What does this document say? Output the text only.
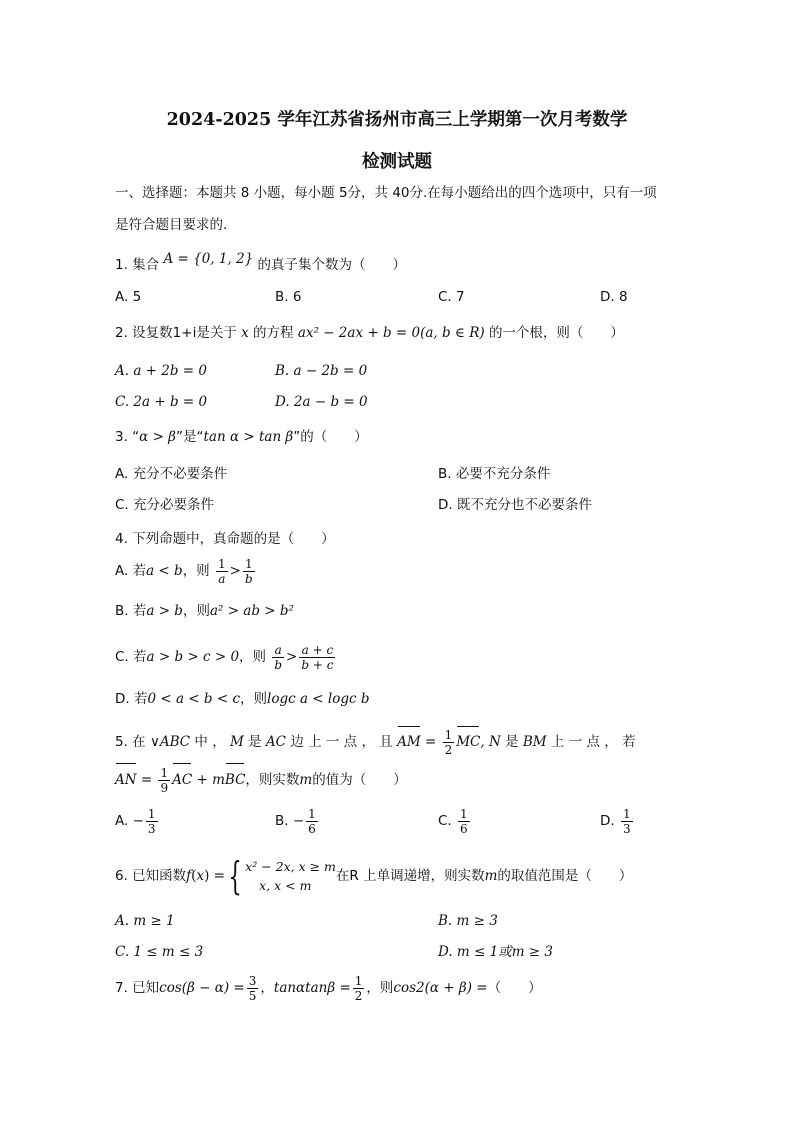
2024-2025 学年江苏省扬州市高三上学期第一次月考数学
检测试题
一、选择题：本题共 8 小题，每小题 5分，共 40分.在每小题给出的四个选项中，只有一项
是符合题目要求的.
1. 集合 A = {0, 1, 2} 的真子集个数为（　　）
A. 5	B. 6	C. 7	D. 8
2. 设复数1+i是关于 x 的方程 ax² − 2ax + b = 0(a, b ∈ R) 的一个根，则（　　）
A. a + 2b = 0	B. a − 2b = 0
C. 2a + b = 0	D. 2a − b = 0
3. “α > β”是“tan α > tan β”的（　　）
A. 充分不必要条件	B. 必要不充分条件
C. 充分必要条件	D. 既不充分也不必要条件
4. 下列命题中，真命题的是（　　）
A. 若a < b，则 $\frac{1}{a} > \frac{1}{b}$
B. 若a > b，则a² > ab > b²
C. 若a > b > c > 0，则 $\frac{a}{b} > \frac{a + c}{b + c}$
D. 若0 < a < b < c，则logc a < logc b
5. 在 ∨ABC 中 ， M 是 AC 边 上 一 点 ， 且 AM = $\frac{1}{2}$ MC, N 是 BM 上 一 点 ， 若
AN = $\frac{1}{9}$ AC + mBC，则实数m的值为（　　）
A. − $\frac{1}{3}$	B. − $\frac{1}{6}$	C. $\frac{1}{6}$	D. $\frac{1}{3}$
6. 已知函数f(x) ={ x² − 2x, x ≥ m
x, x < m
在R 上单调递增，则实数m的取值范围是（　　）
A. m ≥ 1	B. m ≥ 3
C. 1 ≤ m ≤ 3	D. m ≤ 1或m ≥ 3
7. 已知$\cos(\beta - \alpha) = \frac{3}{5}$ ，$\tan\alpha\tan\beta = \frac{1}{2}$ ，则cos2(α + β) =（　　）
